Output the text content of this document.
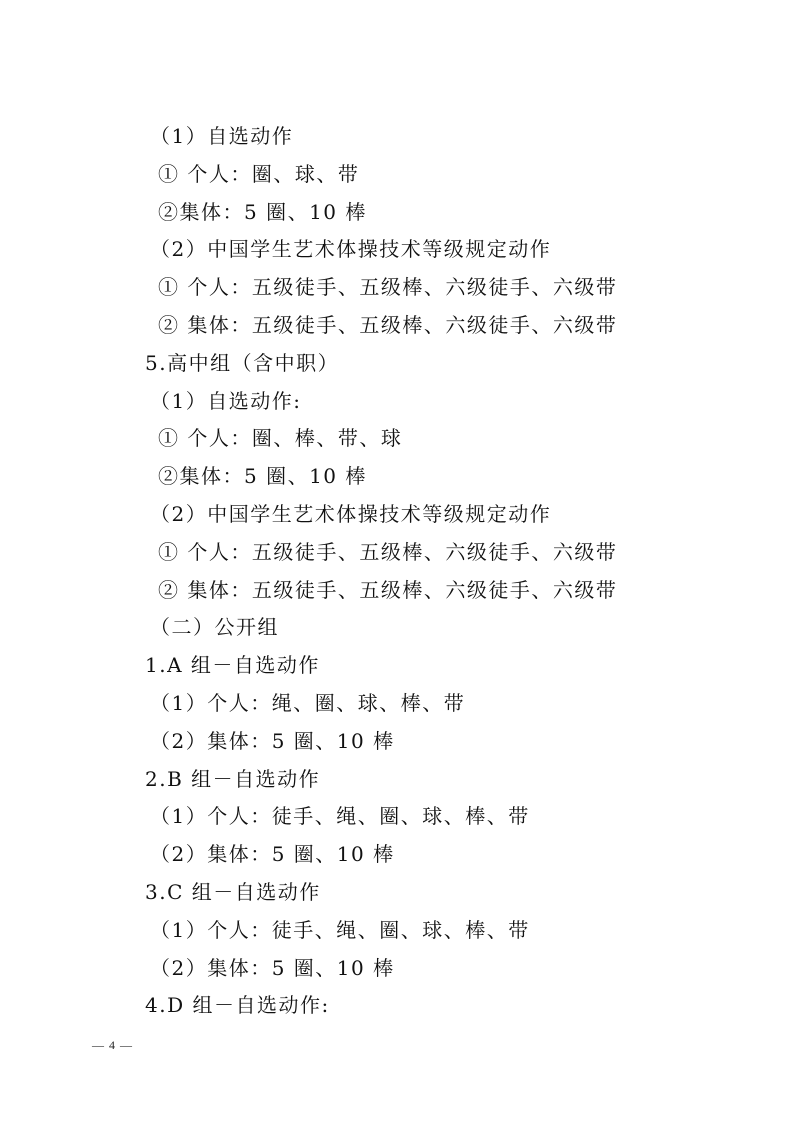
（1）自选动作
① 个人：圈、球、带
②集体：5 圈、10 棒
（2）中国学生艺术体操技术等级规定动作
① 个人：五级徒手、五级棒、六级徒手、六级带
② 集体：五级徒手、五级棒、六级徒手、六级带
5.高中组（含中职）
（1）自选动作:
① 个人：圈、棒、带、球
②集体：5 圈、10 棒
（2）中国学生艺术体操技术等级规定动作
① 个人：五级徒手、五级棒、六级徒手、六级带
② 集体：五级徒手、五级棒、六级徒手、六级带
（二）公开组
1.A 组－自选动作
（1）个人：绳、圈、球、棒、带
（2）集体：5 圈、10 棒
2.B 组－自选动作
（1）个人：徒手、绳、圈、球、棒、带
（2）集体：5 圈、10 棒
3.C 组－自选动作
（1）个人：徒手、绳、圈、球、棒、带
（2）集体：5 圈、10 棒
4.D 组－自选动作:
— 4 —
